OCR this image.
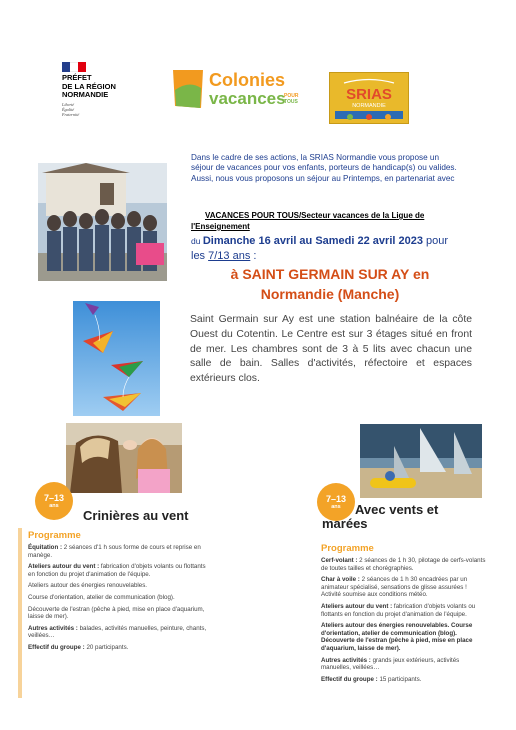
PRÉFET
DE LA RÉGION
NORMANDIE
Liberté
Égalité
Fraternité
Colonies
vacances
POUR
TOUS	SRIAS
NORMANDIE

Dans le cadre de ses actions, la SRIAS Normandie vous propose un séjour de vacances pour vos enfants, porteurs de handicap(s) ou valides.

Aussi, nous vous proposons un séjour au Printemps, en partenariat avec

VACANCES POUR TOUS/Secteur vacances de la Ligue de
l'Enseignement
du Dimanche 16 avril au Samedi 22 avril 2023 pour
les 7/13 ans :
à SAINT GERMAIN SUR AY en
Normandie (Manche)
Saint Germain sur Ay est une station balnéaire de la côte Ouest du Cotentin. Le Centre est sur 3 étages situé en front de mer. Les chambres sont de 3 à 5 lits avec chacun une salle de bain. Salles d'activités, réfectoire et espaces extérieurs clos.
7–13
ans
Crinières au vent
Programme

Équitation : 2 séances d'1 h sous forme de cours et reprise en manège.

Ateliers autour du vent : fabrication d'objets volants ou flottants en fonction du projet d'animation de l'équipe.

Ateliers autour des énergies renouvelables.

Course d'orientation, atelier de communication (blog).

Découverte de l'estran (pêche à pied, mise en place d'aquarium, laisse de mer).

Autres activités : balades, activités manuelles, peinture, chants, veillées…

Effectif du groupe : 20 participants.

7–13
ans	Avec vents et
marées
Programme

Cerf-volant : 2 séances de 1 h 30, pilotage de cerfs-volants de toutes tailles et chorégraphies.

Char à voile : 2 séances de 1 h 30 encadrées par un animateur spécialisé, sensations de glisse assurées ! Activité soumise aux conditions météo.

Ateliers autour du vent : fabrication d'objets volants ou flottants en fonction du projet d'animation de l'équipe.

Ateliers autour des énergies renouvelables. Course d'orientation, atelier de communication (blog). Découverte de l'estran (pêche à pied, mise en place d'aquarium, laisse de mer).

Autres activités : grands jeux extérieurs, activités manuelles, veillées…

Effectif du groupe : 15 participants.
